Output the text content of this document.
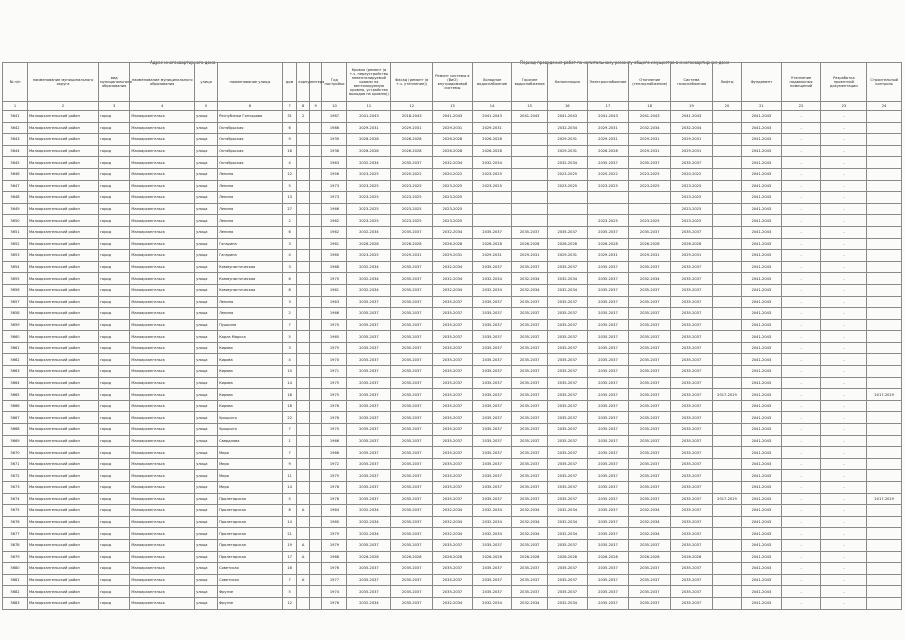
Адрес многоквартирного дома	Период проведения работ по капитальному ремонту общего имущества в многоквартирном доме
№ п/п	наименование муниципального округа	вид муниципального образования	наименование муниципального образования	улица	наименование улицы	дом	корпус	литера	Год постройки	Кровля (ремонт (в т.ч. переустройство невентилируемой кровли на вентилируемую кровлю, устройство выходов на кровлю))	Фасад (ремонт (в т.ч. утепление))	Ремонт системы в (ВиО) внутридомовой системы	Холодное водоснабжение	Горячее водоснабжение	Канализация	Электроснабжение	Отопление (теплоснабжение)	Система газоснабжения	Лифты	Фундамент	Утепление подвальных помещений	Разработка проектной документации	Строительный контроль
1	2	3	4	5	6	7	8	9	10	11	12	13	14	15	16	17	18	19	20	21	22	23	24
5641	Малоархангельский район	город	Малоархангельск	улица	Республики Гончарова	31	2		1987	2041-2043	2018-2043	2041-2043	2041-2043	2041-2043	2041-2043	2041-2043	2041-2043	2041-2043		2041-2043	-	-	
5642	Малоархангельский район	город	Малоархангельск	улица	Октябрьская	6			1986	2029-2031	2029-2031	2029-2031	2029-2031		2032-2034	2029-2031	2032-2034	2032-2034		2041-2043	-	-	
5643	Малоархангельский район	город	Малоархангельск	улица	Октябрьская	9			1939	2026-2028	2026-2028	2026-2028	2026-2028		2029-2031	2029-2031	2029-2031	2029-2031		2041-2043	-	-	
5644	Малоархангельский район	город	Малоархангельск	улица	Октябрьская	16			1936	2026-2028	2026-2028	2026-2028	2026-2028		2029-2031	2026-2028	2029-2031	2029-2031		2041-2043	-	-	
5645	Малоархангельский район	город	Малоархангельск	улица	Октябрьская	4			1963	2032-2034	2035-2037	2032-2034	2032-2034		2032-2034	2035-2037	2035-2037	2035-2037		2041-2043	-	-	
5646	Малоархангельский район	город	Малоархангельск	улица	Ленина	12			1956	2023-2025	2020-2022	2020-2022	2023-2025		2023-2025	2020-2022	2023-2025	2020-2022		2041-2043	-	-	
5647	Малоархангельский район	город	Малоархангельск	улица	Ленина	5			1973	2023-2025	2023-2025	2023-2025	2023-2025		2023-2025	2023-2025	2023-2025	2023-2025		2041-2043	-	-	
5648	Малоархангельский район	город	Малоархангельск	улица	Ленина	13			1973	2023-2025	2023-2025	2023-2025						2023-2025		2041-2043	-	-	
5649	Малоархангельский район	город	Малоархангельск	улица	Ленина	27			1966	2023-2025	2023-2025	2023-2025						2023-2025		2041-2043	-	-	
5650	Малоархангельский район	город	Малоархангельск	улица	Ленина	2			1962	2023-2025	2023-2025	2023-2025				2023-2025	2023-2025	2023-2025		2041-2043	-	-	
5651	Малоархангельский район	город	Малоархангельск	улица	Ленина	6			1962	2032-2034	2035-2037	2032-2034	2035-2037	2035-2037	2035-2037	2035-2037	2035-2037	2035-2037		2041-2043	-	-	
5652	Малоархангельский район	город	Малоархангельск	улица	Гагарина	3			1961	2026-2028	2026-2028	2026-2028	2026-2028	2026-2028	2026-2028	2026-2028	2026-2028	2026-2028		2041-2043	-	-	
5653	Малоархангельский район	город	Малоархангельск	улица	Гагарина	4			1960	2023-2025	2029-2031	2029-2031	2029-2031	2029-2031	2029-2031	2029-2031	2029-2031	2029-2031		2041-2043	-	-	
5654	Малоархангельский район	город	Малоархангельск	улица	Коммунистическая	3			1968	2032-2034	2035-2037	2032-2034	2035-2037	2035-2037	2035-2037	2035-2037	2035-2037	2035-2037		2041-2043	-	-	
5655	Малоархангельский район	город	Малоархангельск	улица	Коммунистическая	6			1970	2032-2034	2035-2037	2032-2034	2032-2034	2032-2034	2032-2034	2035-2037	2032-2034	2035-2037		2041-2043	-	-	
5656	Малоархангельский район	город	Малоархангельск	улица	Коммунистическая	8			1961	2032-2034	2035-2037	2032-2034	2032-2034	2032-2034	2032-2034	2035-2037	2035-2037	2035-2037		2041-2043	-	-	
5657	Малоархангельский район	город	Малоархангельск	улица	Ленина	3			1963	2035-2037	2035-2037	2035-2037	2035-2037	2035-2037	2035-2037	2035-2037	2035-2037	2035-2037		2041-2043	-	-	
5658	Малоархангельский район	город	Малоархангельск	улица	Ленина	2			1966	2035-2037	2035-2037	2035-2037	2035-2037	2035-2037	2035-2037	2035-2037	2035-2037	2035-2037		2041-2043	-	-	
5659	Малоархангельский район	город	Малоархангельск	улица	Пушкина	7			1970	2035-2037	2035-2037	2035-2037	2035-2037	2035-2037	2035-2037	2035-2037	2035-2037	2035-2037		2041-2043	-	-	
5660	Малоархангельский район	город	Малоархангельск	улица	Карла Маркса	5			1965	2035-2037	2035-2037	2035-2037	2035-2037	2035-2037	2035-2037	2035-2037	2035-2037	2035-2037		2041-2043	-	-	
5661	Малоархангельский район	город	Малоархангельск	улица	Кирова	3			1975	2035-2037	2035-2037	2035-2037	2035-2037	2035-2037	2035-2037	2035-2037	2035-2037	2035-2037		2041-2043	-	-	
5662	Малоархангельский район	город	Малоархангельск	улица	Кирова	4			1970	2035-2037	2035-2037	2035-2037	2035-2037	2035-2037	2035-2037	2035-2037	2035-2037	2035-2037		2041-2043	-	-	
5663	Малоархангельский район	город	Малоархангельск	улица	Кирова	10			1971	2035-2037	2035-2037	2035-2037	2035-2037	2035-2037	2035-2037	2035-2037	2035-2037	2035-2037		2041-2043	-	-	
5664	Малоархангельский район	город	Малоархангельск	улица	Кирова	14			1975	2035-2037	2035-2037	2035-2037	2035-2037	2035-2037	2035-2037	2035-2037	2035-2037	2035-2037		2041-2043	-	-	
5665	Малоархангельский район	город	Малоархангельск	улица	Кирова	16			1975	2035-2037	2035-2037	2035-2037	2035-2037	2035-2037	2035-2037	2035-2037	2035-2037	2035-2037	2017-2019	2041-2043	-	-	2017-2019
5666	Малоархангельский район	город	Малоархангельск	улица	Кирова	18			1976	2035-2037	2035-2037	2035-2037	2035-2037	2035-2037	2035-2037	2035-2037	2035-2037	2035-2037		2041-2043	-	-	
5667	Малоархангельский район	город	Малоархангельск	улица	Урицкого	22			1976	2035-2037	2035-2037	2035-2037	2035-2037	2035-2037	2035-2037	2035-2037	2035-2037	2035-2037		2041-2043	-	-	
5668	Малоархангельский район	город	Малоархангельск	улица	Урицкого	7			1970	2035-2037	2035-2037	2035-2037	2035-2037	2035-2037	2035-2037	2035-2037	2035-2037	2035-2037		2041-2043	-	-	
5669	Малоархангельский район	город	Малоархангельск	улица	Свердлова	1			1966	2035-2037	2035-2037	2035-2037	2035-2037	2035-2037	2035-2037	2035-2037	2035-2037	2035-2037		2041-2043	-	-	
5670	Малоархангельский район	город	Малоархангельск	улица	Мира	7			1966	2035-2037	2035-2037	2035-2037	2035-2037	2035-2037	2035-2037	2035-2037	2035-2037	2035-2037		2041-2043	-	-	
5671	Малоархангельский район	город	Малоархангельск	улица	Мира	9			1972	2035-2037	2035-2037	2035-2037	2035-2037	2035-2037	2035-2037	2035-2037	2035-2037	2035-2037		2041-2043	-	-	
5672	Малоархангельский район	город	Малоархангельск	улица	Мира	11			1975	2035-2037	2035-2037	2035-2037	2035-2037	2035-2037	2035-2037	2035-2037	2035-2037	2035-2037		2041-2043	-	-	
5673	Малоархангельский район	город	Малоархангельск	улица	Мира	14			1976	2035-2037	2035-2037	2035-2037	2035-2037	2035-2037	2035-2037	2035-2037	2035-2037	2035-2037		2041-2043	-	-	
5674	Малоархангельский район	город	Малоархангельск	улица	Пролетарская	5			1978	2035-2037	2035-2037	2035-2037	2035-2037	2035-2037	2035-2037	2035-2037	2035-2037	2035-2037	2017-2019	2041-2043	-	-	2017-2019
5675	Малоархангельский район	город	Малоархангельск	улица	Пролетарская	8	А		1964	2032-2034	2035-2037	2032-2034	2032-2034	2032-2034	2032-2034	2035-2037	2032-2034	2035-2037		2041-2043	-	-	
5676	Малоархангельский район	город	Малоархангельск	улица	Пролетарская	14			1980	2032-2034	2035-2037	2032-2034	2032-2034	2032-2034	2032-2034	2035-2037	2032-2034	2035-2037		2041-2043	-	-	
5677	Малоархангельский район	город	Малоархангельск	улица	Пролетарская	21			1979	2032-2034	2035-2037	2032-2034	2032-2034	2032-2034	2032-2034	2035-2037	2032-2034	2035-2037		2041-2043	-	-	
5678	Малоархангельский район	город	Малоархангельск	улица	Пролетарская	19	А		1979	2035-2037	2035-2037	2035-2037	2035-2037	2035-2037	2035-2037	2035-2037	2035-2037	2035-2037		2041-2043	-	-	
5679	Малоархангельский район	город	Малоархангельск	улица	Пролетарская	17	А		1968	2026-2028	2026-2028	2026-2028	2026-2028	2026-2028	2026-2028	2026-2028	2026-2028	2026-2028		2041-2043	-	-	
5680	Малоархангельский район	город	Малоархангельск	улица	Советская	16			1976	2035-2037	2035-2037	2035-2037	2035-2037	2035-2037	2035-2037	2035-2037	2035-2037	2035-2037		2041-2043	-	-	
5681	Малоархангельский район	город	Малоархангельск	улица	Советская	7	А		1977	2035-2037	2035-2037	2035-2037	2035-2037	2035-2037	2035-2037	2035-2037	2035-2037	2035-2037		2041-2043	-	-	
5682	Малоархангельский район	город	Малоархангельск	улица	Фрунзе	5			1974	2035-2037	2035-2037	2035-2037	2035-2037	2035-2037	2035-2037	2035-2037	2035-2037	2035-2037		2041-2043	-	-	
5683	Малоархангельский район	город	Малоархангельск	улица	Фрунзе	12			1976	2032-2034	2035-2037	2032-2034	2032-2034	2032-2034	2032-2034	2035-2037	2035-2037	2035-2037		2041-2043	-	-	
